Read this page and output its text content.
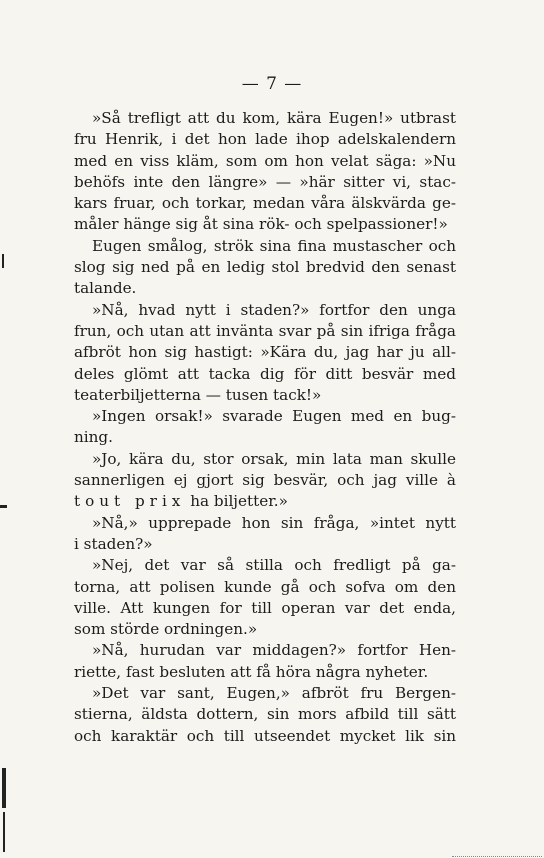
— 7 —

»Så trefligt att du kom, kära Eugen!» utbrast

fru Henrik, i det hon lade ihop adelskalendern

med en viss kläm, som om hon velat säga: »Nu

behöfs inte den längre» — »här sitter vi, stac-

kars fruar, och torkar, medan våra älskvärda ge-

måler hänge sig åt sina rök- och spelpassioner!»

Eugen smålog, strök sina fina mustascher och

slog sig ned på en ledig stol bredvid den senast

talande.

»Nå, hvad nytt i staden?» fortfor den unga

frun, och utan att invänta svar på sin ifriga fråga

afbröt hon sig hastigt: »Kära du, jag har ju all-

deles glömt att tacka dig för ditt besvär med

teaterbiljetterna — tusen tack!»

»Ingen orsak!» svarade Eugen med en bug-

ning.

»Jo, kära du, stor orsak, min lata man skulle

sannerligen ej gjort sig besvär, och jag ville à

tout prix ha biljetter.»

»Nå,» upprepade hon sin fråga, »intet nytt

i staden?»

»Nej, det var så stilla och fredligt på ga-

torna, att polisen kunde gå och sofva om den

ville. Att kungen for till operan var det enda,

som störde ordningen.»

»Nå, hurudan var middagen?» fortfor Hen-

riette, fast besluten att få höra några nyheter.

»Det var sant, Eugen,» afbröt fru Bergen-

stierna, äldsta dottern, sin mors afbild till sätt

och karaktär och till utseendet mycket lik sin
